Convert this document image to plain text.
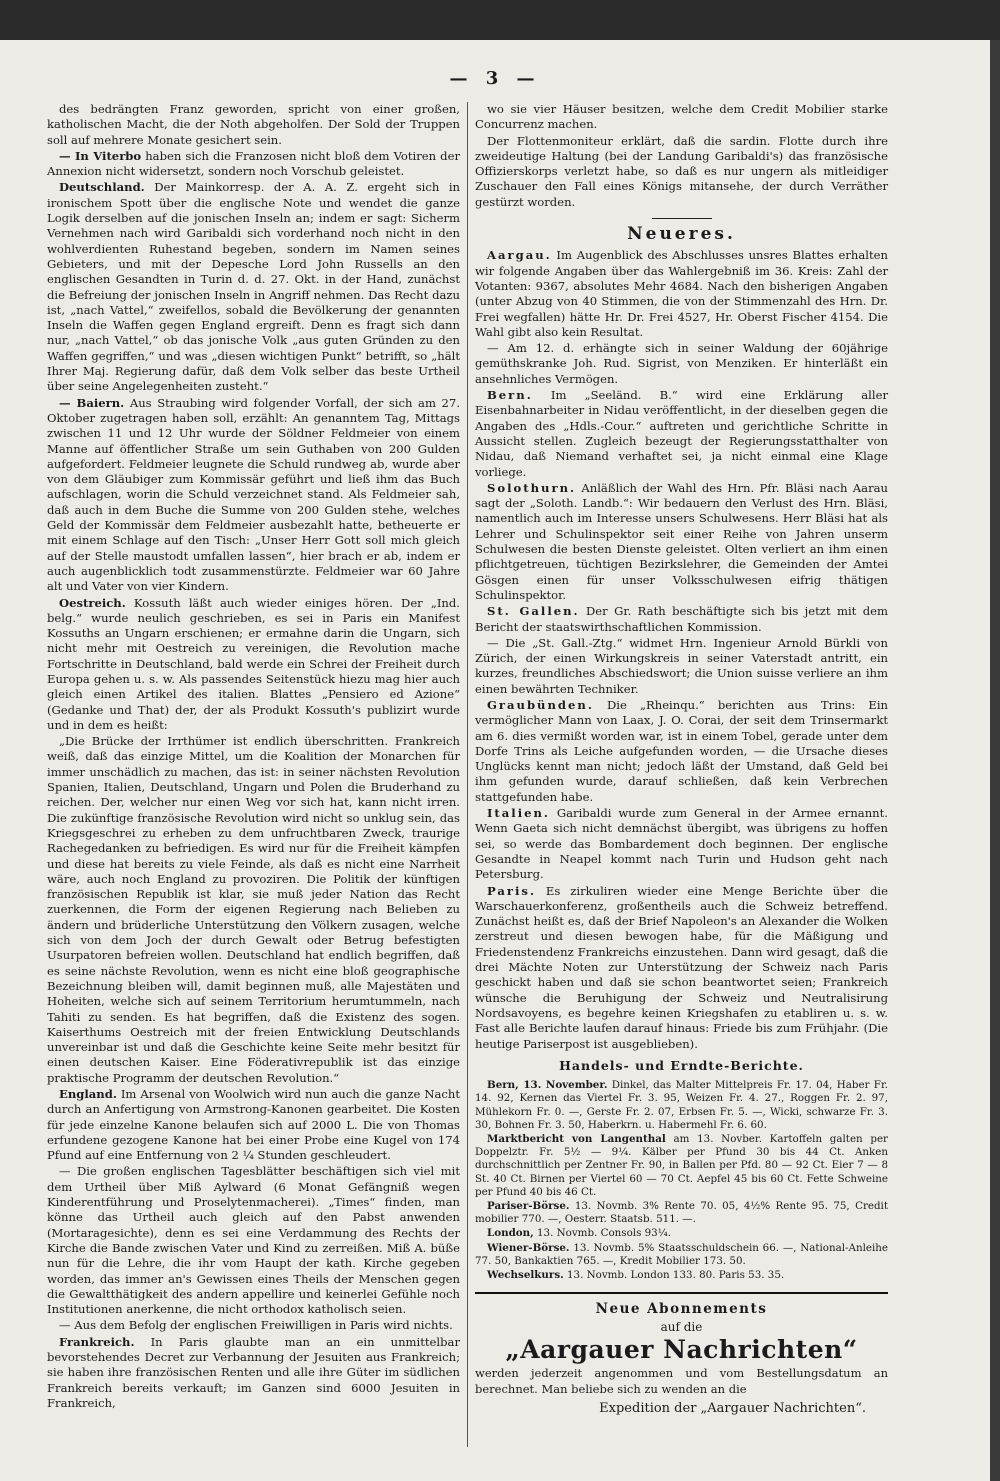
— 3 —

des bedrängten Franz geworden, spricht von einer großen, katholischen Macht, die der Noth abgeholfen. Der Sold der Truppen soll auf mehrere Monate gesichert sein.

— In Viterbo haben sich die Franzosen nicht bloß dem Votiren der Annexion nicht widersetzt, sondern noch Vorschub geleistet.

Deutschland. Der Mainkorresp. der A. A. Z. ergeht sich in ironischem Spott über die englische Note und wendet die ganze Logik derselben auf die jonischen Inseln an; indem er sagt: Sicherm Vernehmen nach wird Garibaldi sich vorderhand noch nicht in den wohlverdienten Ruhestand begeben, sondern im Namen seines Gebieters, und mit der Depesche Lord John Russells an den englischen Gesandten in Turin d. d. 27. Okt. in der Hand, zunächst die Befreiung der jonischen Inseln in Angriff nehmen. Das Recht dazu ist, „nach Vattel,“ zweifellos, sobald die Bevölkerung der genannten Inseln die Waffen gegen England ergreift. Denn es fragt sich dann nur, „nach Vattel,“ ob das jonische Volk „aus guten Gründen zu den Waffen gegriffen,“ und was „diesen wichtigen Punkt“ betrifft, so „hält Ihrer Maj. Regierung dafür, daß dem Volk selber das beste Urtheil über seine Angelegenheiten zusteht.“

— Baiern. Aus Straubing wird folgender Vorfall, der sich am 27. Oktober zugetragen haben soll, erzählt: An genanntem Tag, Mittags zwischen 11 und 12 Uhr wurde der Söldner Feldmeier von einem Manne auf öffentlicher Straße um sein Guthaben von 200 Gulden aufgefordert. Feldmeier leugnete die Schuld rundweg ab, wurde aber von dem Gläubiger zum Kommissär geführt und ließ ihm das Buch aufschlagen, worin die Schuld verzeichnet stand. Als Feldmeier sah, daß auch in dem Buche die Summe von 200 Gulden stehe, welches Geld der Kommissär dem Feldmeier ausbezahlt hatte, betheuerte er mit einem Schlage auf den Tisch: „Unser Herr Gott soll mich gleich auf der Stelle maustodt umfallen lassen“, hier brach er ab, indem er auch augenblicklich todt zusammenstürzte. Feldmeier war 60 Jahre alt und Vater von vier Kindern.

Oestreich. Kossuth läßt auch wieder einiges hören. Der „Ind. belg.“ wurde neulich geschrieben, es sei in Paris ein Manifest Kossuths an Ungarn erschienen; er ermahne darin die Ungarn, sich nicht mehr mit Oestreich zu vereinigen, die Revolution mache Fortschritte in Deutschland, bald werde ein Schrei der Freiheit durch Europa gehen u. s. w. Als passendes Seitenstück hiezu mag hier auch gleich einen Artikel des italien. Blattes „Pensiero ed Azione“ (Gedanke und That) der, der als Produkt Kossuth's publizirt wurde und in dem es heißt:

„Die Brücke der Irrthümer ist endlich überschritten. Frankreich weiß, daß das einzige Mittel, um die Koalition der Monarchen für immer unschädlich zu machen, das ist: in seiner nächsten Revolution Spanien, Italien, Deutschland, Ungarn und Polen die Bruderhand zu reichen. Der, welcher nur einen Weg vor sich hat, kann nicht irren. Die zukünftige französische Revolution wird nicht so unklug sein, das Kriegsgeschrei zu erheben zu dem unfruchtbaren Zweck, traurige Rachegedanken zu befriedigen. Es wird nur für die Freiheit kämpfen und diese hat bereits zu viele Feinde, als daß es nicht eine Narrheit wäre, auch noch England zu provoziren. Die Politik der künftigen französischen Republik ist klar, sie muß jeder Nation das Recht zuerkennen, die Form der eigenen Regierung nach Belieben zu ändern und brüderliche Unterstützung den Völkern zusagen, welche sich von dem Joch der durch Gewalt oder Betrug befestigten Usurpatoren befreien wollen. Deutschland hat endlich begriffen, daß es seine nächste Revolution, wenn es nicht eine bloß geographische Bezeichnung bleiben will, damit beginnen muß, alle Majestäten und Hoheiten, welche sich auf seinem Territorium herumtummeln, nach Tahiti zu senden. Es hat begriffen, daß die Existenz des sogen. Kaiserthums Oestreich mit der freien Entwicklung Deutschlands unvereinbar ist und daß die Geschichte keine Seite mehr besitzt für einen deutschen Kaiser. Eine Föderativrepublik ist das einzige praktische Programm der deutschen Revolution.“

England. Im Arsenal von Woolwich wird nun auch die ganze Nacht durch an Anfertigung von Armstrong-Kanonen gearbeitet. Die Kosten für jede einzelne Kanone belaufen sich auf 2000 L. Die von Thomas erfundene gezogene Kanone hat bei einer Probe eine Kugel von 174 Pfund auf eine Entfernung von 2 ¼ Stunden geschleudert.

— Die großen englischen Tagesblätter beschäftigen sich viel mit dem Urtheil über Miß Aylward (6 Monat Gefängniß wegen Kinderentführung und Proselytenmacherei). „Times“ finden, man könne das Urtheil auch gleich auf den Pabst anwenden (Mortaragesichte), denn es sei eine Verdammung des Rechts der Kirche die Bande zwischen Vater und Kind zu zerreißen. Miß A. büße nun für die Lehre, die ihr vom Haupt der kath. Kirche gegeben worden, das immer an's Gewissen eines Theils der Menschen gegen die Gewaltthätigkeit des andern appellire und keinerlei Gefühle noch Institutionen anerkenne, die nicht orthodox katholisch seien.

— Aus dem Befolg der englischen Freiwilligen in Paris wird nichts.

Frankreich. In Paris glaubte man an ein unmittelbar bevorstehendes Decret zur Verbannung der Jesuiten aus Frankreich; sie haben ihre französischen Renten und alle ihre Güter im südlichen Frankreich bereits verkauft; im Ganzen sind 6000 Jesuiten in Frankreich,

wo sie vier Häuser besitzen, welche dem Credit Mobilier starke Concurrenz machen.

Der Flottenmoniteur erklärt, daß die sardin. Flotte durch ihre zweideutige Haltung (bei der Landung Garibaldi's) das französische Offizierskorps verletzt habe, so daß es nur ungern als mitleidiger Zuschauer den Fall eines Königs mitansehe, der durch Verräther gestürzt worden.

Neueres.

Aargau. Im Augenblick des Abschlusses unsres Blattes erhalten wir folgende Angaben über das Wahlergebniß im 36. Kreis: Zahl der Votanten: 9367, absolutes Mehr 4684. Nach den bisherigen Angaben (unter Abzug von 40 Stimmen, die von der Stimmenzahl des Hrn. Dr. Frei wegfallen) hätte Hr. Dr. Frei 4527, Hr. Oberst Fischer 4154. Die Wahl gibt also kein Resultat.

— Am 12. d. erhängte sich in seiner Waldung der 60jährige gemüthskranke Joh. Rud. Sigrist, von Menziken. Er hinterläßt ein ansehnliches Vermögen.

Bern. Im „Seeländ. B.“ wird eine Erklärung aller Eisenbahnarbeiter in Nidau veröffentlicht, in der dieselben gegen die Angaben des „Hdls.-Cour.“ auftreten und gerichtliche Schritte in Aussicht stellen. Zugleich bezeugt der Regierungsstatthalter von Nidau, daß Niemand verhaftet sei, ja nicht einmal eine Klage vorliege.

Solothurn. Anläßlich der Wahl des Hrn. Pfr. Bläsi nach Aarau sagt der „Soloth. Landb.“: Wir bedauern den Verlust des Hrn. Bläsi, namentlich auch im Interesse unsers Schulwesens. Herr Bläsi hat als Lehrer und Schulinspektor seit einer Reihe von Jahren unserm Schulwesen die besten Dienste geleistet. Olten verliert an ihm einen pflichtgetreuen, tüchtigen Bezirkslehrer, die Gemeinden der Amtei Gösgen einen für unser Volksschulwesen eifrig thätigen Schulinspektor.

St. Gallen. Der Gr. Rath beschäftigte sich bis jetzt mit dem Bericht der staatswirthschaftlichen Kommission.

— Die „St. Gall.-Ztg.“ widmet Hrn. Ingenieur Arnold Bürkli von Zürich, der einen Wirkungskreis in seiner Vaterstadt antritt, ein kurzes, freundliches Abschiedswort; die Union suisse verliere an ihm einen bewährten Techniker.

Graubünden. Die „Rheinqu.“ berichten aus Trins: Ein vermöglicher Mann von Laax, J. O. Corai, der seit dem Trinsermarkt am 6. dies vermißt worden war, ist in einem Tobel, gerade unter dem Dorfe Trins als Leiche aufgefunden worden, — die Ursache dieses Unglücks kennt man nicht; jedoch läßt der Umstand, daß Geld bei ihm gefunden wurde, darauf schließen, daß kein Verbrechen stattgefunden habe.

Italien. Garibaldi wurde zum General in der Armee ernannt. Wenn Gaeta sich nicht demnächst übergibt, was übrigens zu hoffen sei, so werde das Bombardement doch beginnen. Der englische Gesandte in Neapel kommt nach Turin und Hudson geht nach Petersburg.

Paris. Es zirkuliren wieder eine Menge Berichte über die Warschauerkonferenz, großentheils auch die Schweiz betreffend. Zunächst heißt es, daß der Brief Napoleon's an Alexander die Wolken zerstreut und diesen bewogen habe, für die Mäßigung und Friedenstendenz Frankreichs einzustehen. Dann wird gesagt, daß die drei Mächte Noten zur Unterstützung der Schweiz nach Paris geschickt haben und daß sie schon beantwortet seien; Frankreich wünsche die Beruhigung der Schweiz und Neutralisirung Nordsavoyens, es begehre keinen Kriegshafen zu etabliren u. s. w. Fast alle Berichte laufen darauf hinaus: Friede bis zum Frühjahr. (Die heutige Pariserpost ist ausgeblieben).

Handels- und Erndte-Berichte.

Bern, 13. November. Dinkel, das Malter Mittelpreis Fr. 17. 04, Haber Fr. 14. 92, Kernen das Viertel Fr. 3. 95, Weizen Fr. 4. 27., Roggen Fr. 2. 97, Mühlekorn Fr. 0. —, Gerste Fr. 2. 07, Erbsen Fr. 5. —, Wicki, schwarze Fr. 3. 30, Bohnen Fr. 3. 50, Haberkrn. u. Habermehl Fr. 6. 60.

Marktbericht von Langenthal am 13. Novber. Kartoffeln galten per Doppelztr. Fr. 5½ — 9¼. Kälber per Pfund 30 bis 44 Ct. Anken durchschnittlich per Zentner Fr. 90, in Ballen per Pfd. 80 — 92 Ct. Eier 7 — 8 St. 40 Ct. Birnen per Viertel 60 — 70 Ct. Aepfel 45 bis 60 Ct. Fette Schweine per Pfund 40 bis 46 Ct.

Pariser-Börse. 13. Novmb. 3% Rente 70. 05, 4½% Rente 95. 75, Credit mobilier 770. —, Oesterr. Staatsb. 511. —.

London, 13. Novmb. Consols 93¼.

Wiener-Börse. 13. Novmb. 5% Staatsschuldschein 66. —, National-Anleihe 77. 50, Bankaktien 765. —, Kredit Mobilier 173. 50.

Wechselkurs. 13. Novmb. London 133. 80. Paris 53. 35.

Neue Abonnements
auf die
„Aargauer Nachrichten“
werden jederzeit angenommen und vom Bestellungsdatum an berechnet. Man beliebe sich zu wenden an die
Expedition der „Aargauer Nachrichten“.
